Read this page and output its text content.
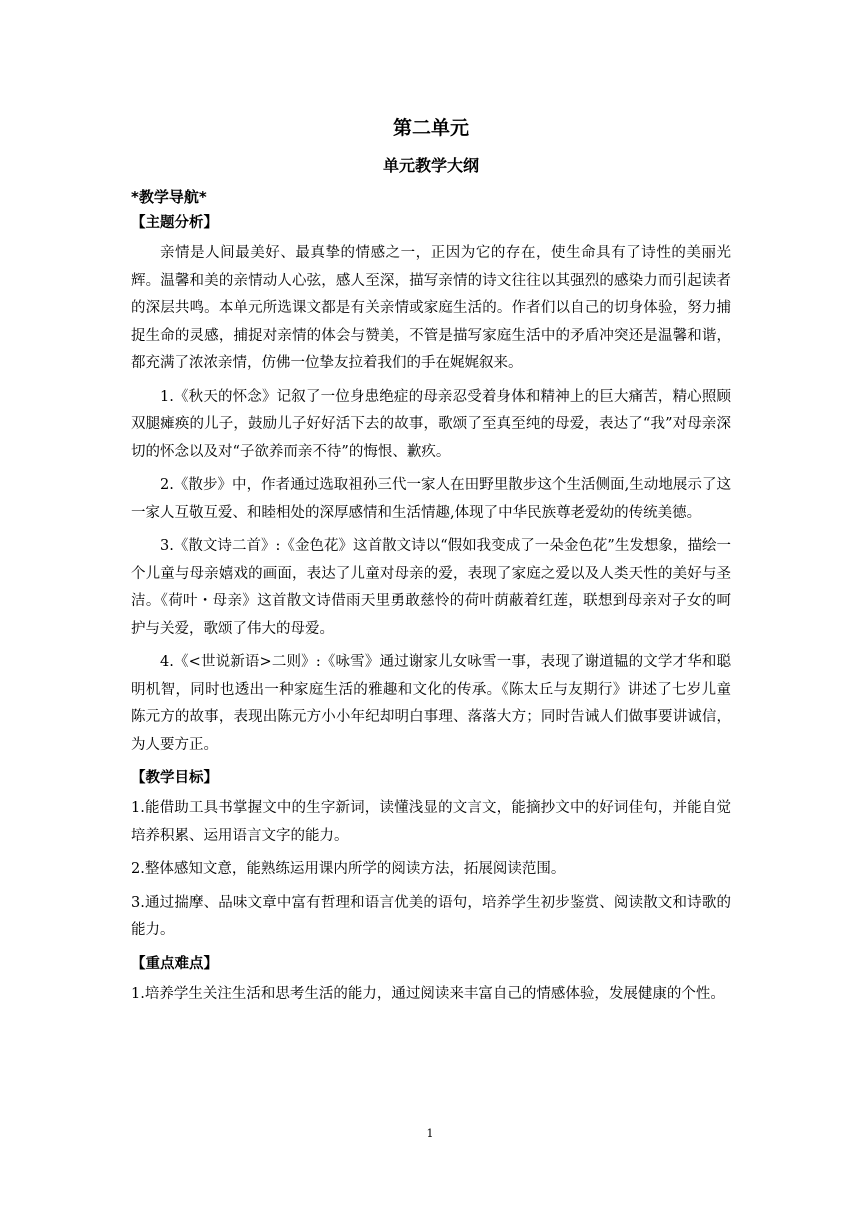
第二单元
单元教学大纲
*教学导航*
【主题分析】

亲情是人间最美好、最真挚的情感之一，正因为它的存在，使生命具有了诗性的美丽光辉。温馨和美的亲情动人心弦，感人至深，描写亲情的诗文往往以其强烈的感染力而引起读者的深层共鸣。本单元所选课文都是有关亲情或家庭生活的。作者们以自己的切身体验，努力捕捉生命的灵感，捕捉对亲情的体会与赞美，不管是描写家庭生活中的矛盾冲突还是温馨和谐，都充满了浓浓亲情，仿佛一位挚友拉着我们的手在娓娓叙来。

1.《秋天的怀念》记叙了一位身患绝症的母亲忍受着身体和精神上的巨大痛苦，精心照顾双腿瘫痪的儿子，鼓励儿子好好活下去的故事，歌颂了至真至纯的母爱，表达了“我”对母亲深切的怀念以及对“子欲养而亲不待”的悔恨、歉疚。

2.《散步》中，作者通过选取祖孙三代一家人在田野里散步这个生活侧面,生动地展示了这一家人互敬互爱、和睦相处的深厚感情和生活情趣,体现了中华民族尊老爱幼的传统美德。

3.《散文诗二首》:《金色花》这首散文诗以“假如我变成了一朵金色花”生发想象，描绘一个儿童与母亲嬉戏的画面，表达了儿童对母亲的爱，表现了家庭之爱以及人类天性的美好与圣洁。《荷叶・母亲》这首散文诗借雨天里勇敢慈怜的荷叶荫蔽着红莲，联想到母亲对子女的呵护与关爱，歌颂了伟大的母爱。

4.《<世说新语>二则》:《咏雪》通过谢家儿女咏雪一事，表现了谢道韫的文学才华和聪明机智，同时也透出一种家庭生活的雅趣和文化的传承。《陈太丘与友期行》讲述了七岁儿童陈元方的故事，表现出陈元方小小年纪却明白事理、落落大方；同时告诫人们做事要讲诚信，为人要方正。

【教学目标】

1.能借助工具书掌握文中的生字新词，读懂浅显的文言文，能摘抄文中的好词佳句，并能自觉培养积累、运用语言文字的能力。

2.整体感知文意，能熟练运用课内所学的阅读方法，拓展阅读范围。

3.通过揣摩、品味文章中富有哲理和语言优美的语句，培养学生初步鉴赏、阅读散文和诗歌的能力。

【重点难点】

1.培养学生关注生活和思考生活的能力，通过阅读来丰富自己的情感体验，发展健康的个性。

1
